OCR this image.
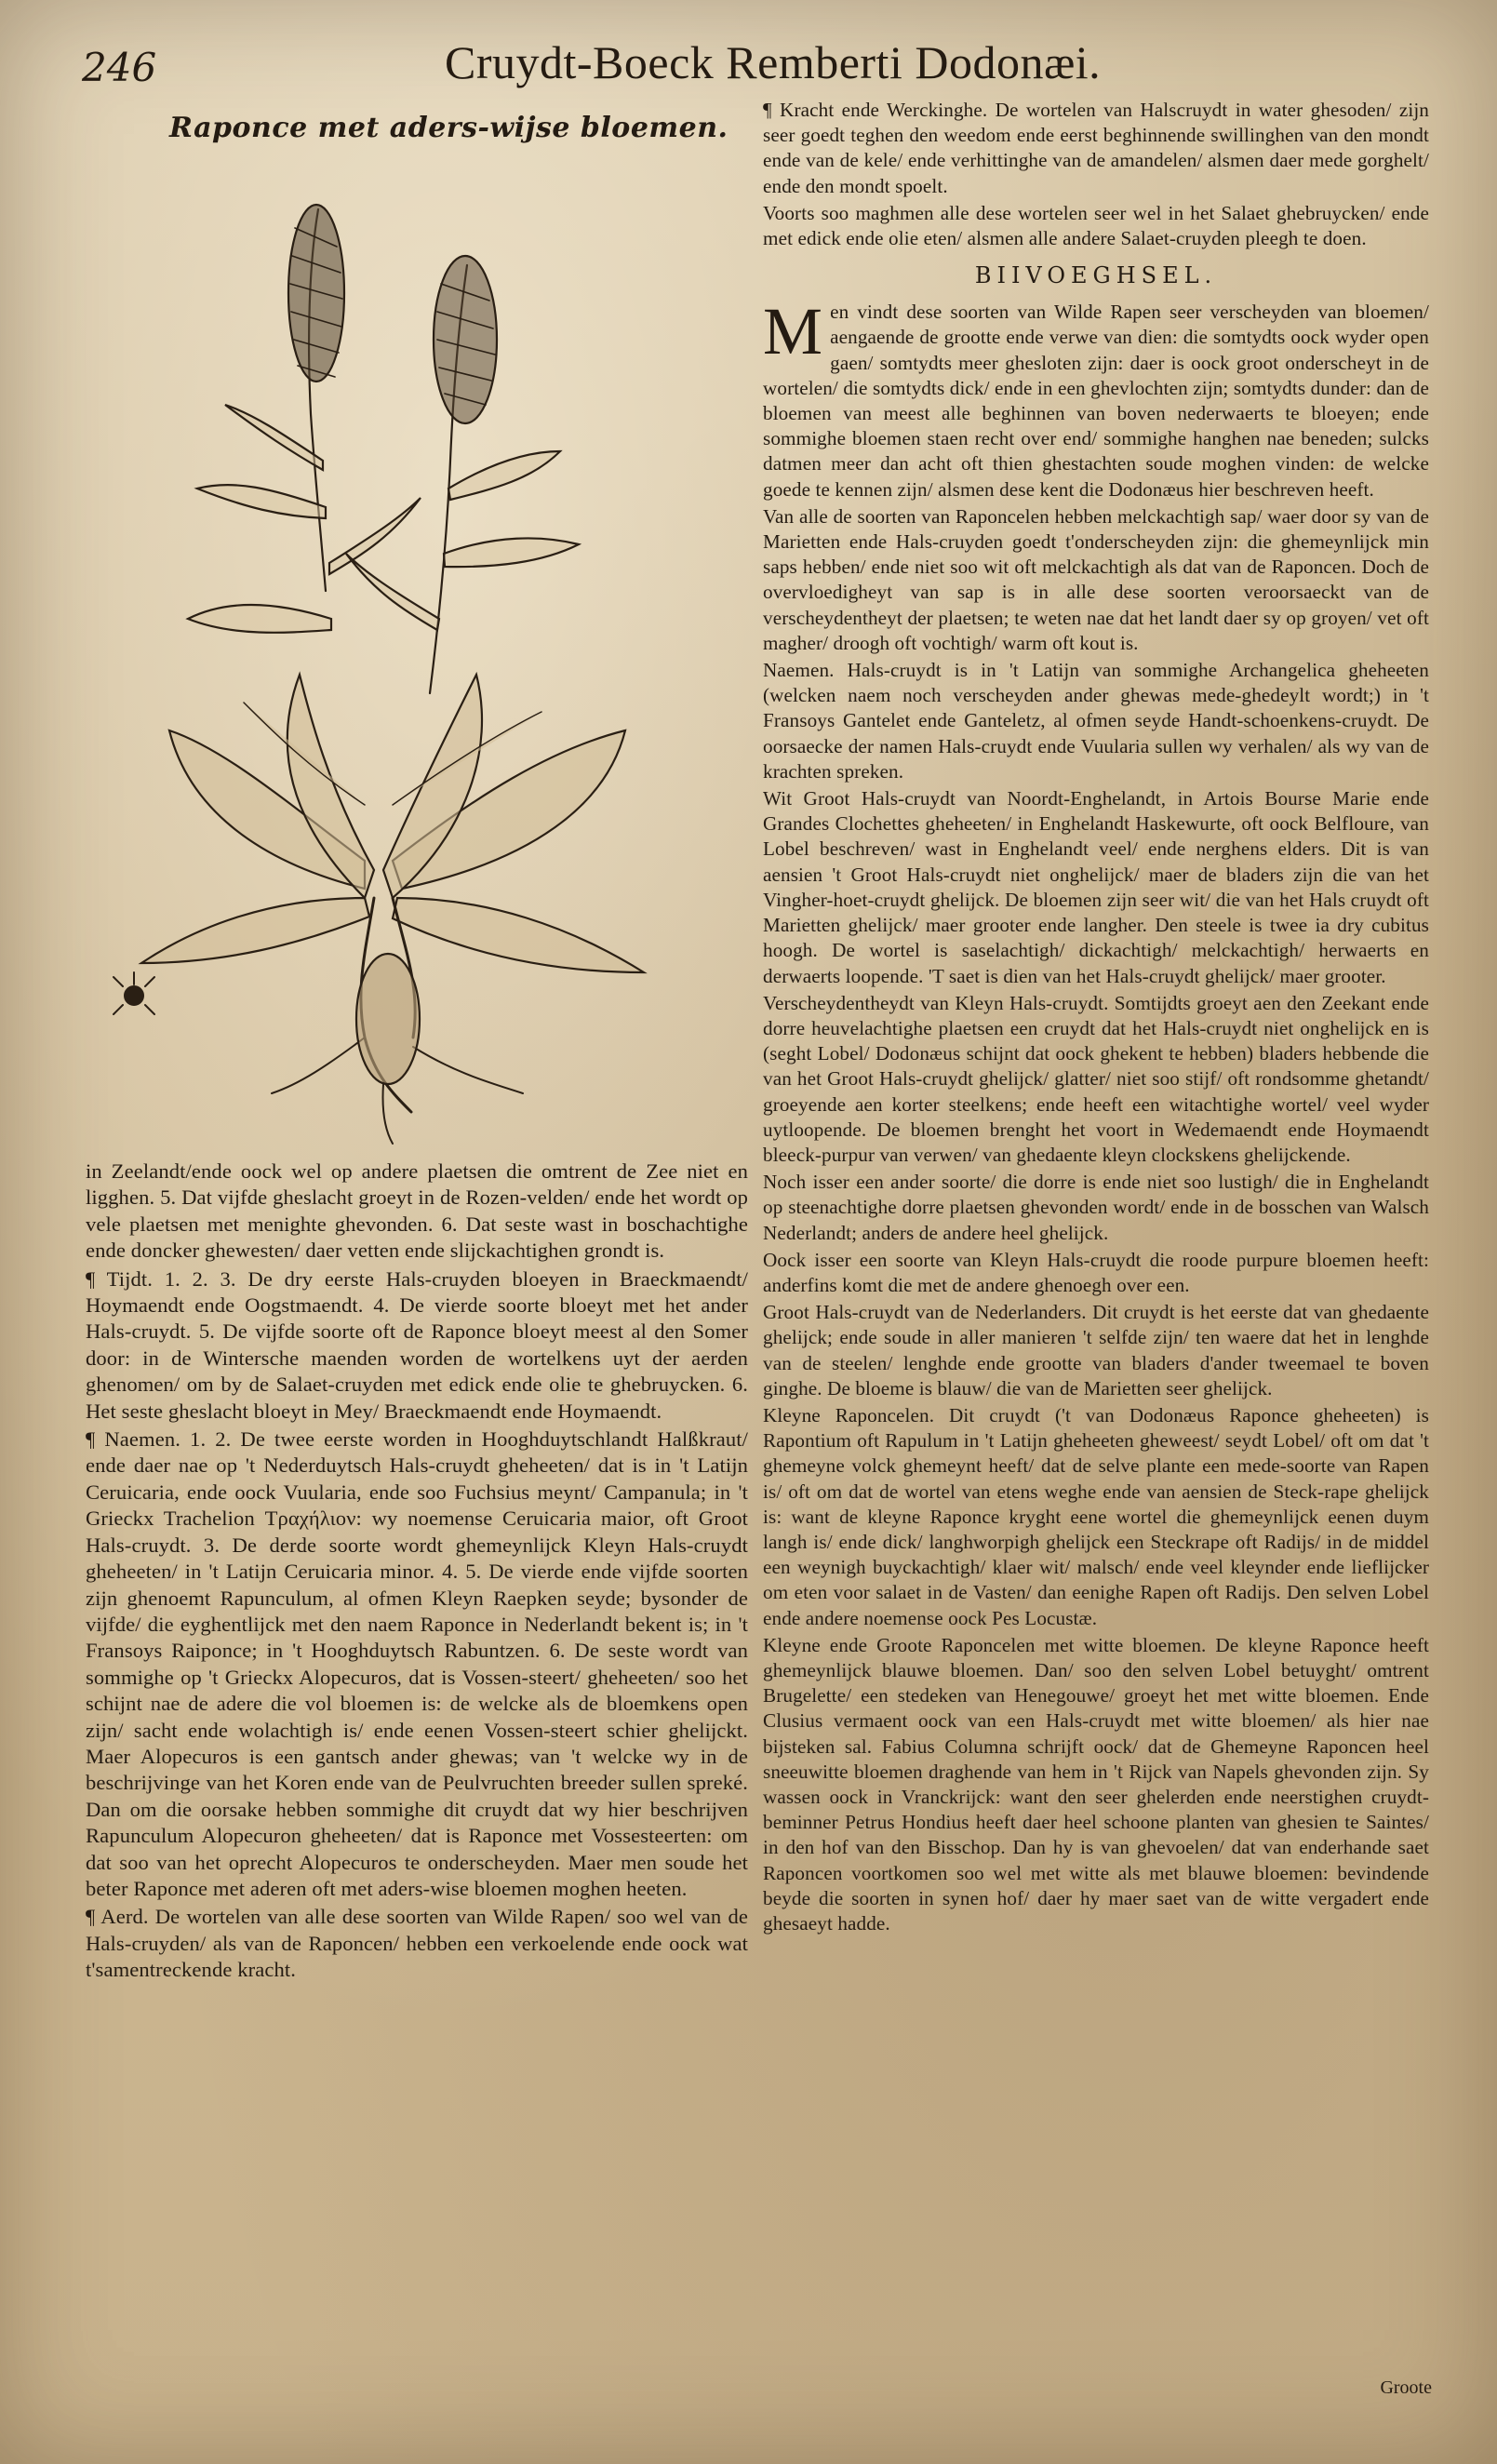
246	Cruydt-Boeck Remberti Dodonæi.
Raponce met aders-wijse bloemen.

in Zeelandt/ende oock wel op andere plaetsen die omtrent de Zee niet en ligghen. 5. Dat vijfde gheslacht groeyt in de Rozen-velden/ ende het wordt op vele plaetsen met menighte ghevonden. 6. Dat seste wast in boschachtighe ende doncker ghewesten/ daer vetten ende slijckachtighen grondt is.

¶ Tijdt. 1. 2. 3. De dry eerste Hals-cruyden bloeyen in Braeckmaendt/ Hoymaendt ende Oogstmaendt. 4. De vierde soorte bloeyt met het ander Hals-cruydt. 5. De vijfde soorte oft de Raponce bloeyt meest al den Somer door: in de Wintersche maenden worden de wortelkens uyt der aerden ghenomen/ om by de Salaet-cruyden met edick ende olie te ghebruycken. 6. Het seste gheslacht bloeyt in Mey/ Braeckmaendt ende Hoymaendt.

¶ Naemen. 1. 2. De twee eerste worden in Hooghduytschlandt Halßkraut/ ende daer nae op 't Nederduytsch Hals-cruydt gheheeten/ dat is in 't Latijn Ceruicaria, ende oock Vuularia, ende soo Fuchsius meynt/ Campanula; in 't Grieckx Trachelion Τραχήλιον: wy noemense Ceruicaria maior, oft Groot Hals-cruydt. 3. De derde soorte wordt ghemeynlijck Kleyn Hals-cruydt gheheeten/ in 't Latijn Ceruicaria minor. 4. 5. De vierde ende vijfde soorten zijn ghenoemt Rapunculum, al ofmen Kleyn Raepken seyde; bysonder de vijfde/ die eyghentlijck met den naem Raponce in Nederlandt bekent is; in 't Fransoys Raiponce; in 't Hooghduytsch Rabuntzen. 6. De seste wordt van sommighe op 't Grieckx Alopecuros, dat is Vossen-steert/ gheheeten/ soo het schijnt nae de adere die vol bloemen is: de welcke als de bloemkens open zijn/ sacht ende wolachtigh is/ ende eenen Vossen-steert schier ghelijckt. Maer Alopecuros is een gantsch ander ghewas; van 't welcke wy in de beschrijvinge van het Koren ende van de Peulvruchten breeder sullen spreké. Dan om die oorsake hebben sommighe dit cruydt dat wy hier beschrijven Rapunculum Alopecuron gheheeten/ dat is Raponce met Vossesteerten: om dat soo van het oprecht Alopecuros te onderscheyden. Maer men soude het beter Raponce met aderen oft met aders-wise bloemen moghen heeten.

¶ Aerd. De wortelen van alle dese soorten van Wilde Rapen/ soo wel van de Hals-cruyden/ als van de Raponcen/ hebben een verkoelende ende oock wat t'samentreckende kracht.

¶ Kracht ende Werckinghe. De wortelen van Halscruydt in water ghesoden/ zijn seer goedt teghen den weedom ende eerst beghinnende swillinghen van den mondt ende van de kele/ ende verhittinghe van de amandelen/ alsmen daer mede gorghelt/ ende den mondt spoelt.

Voorts soo maghmen alle dese wortelen seer wel in het Salaet ghebruycken/ ende met edick ende olie eten/ alsmen alle andere Salaet-cruyden pleegh te doen.

BIIVOEGHSEL.
M en vindt dese soorten van Wilde Rapen seer verscheyden van bloemen/ aengaende de grootte ende verwe van dien: die somtydts oock wyder open gaen/ somtydts meer ghesloten zijn: daer is oock groot onderscheyt in de wortelen/ die somtydts dick/ ende in een ghevlochten zijn; somtydts dunder: dan de bloemen van meest alle beghinnen van boven nederwaerts te bloeyen; ende sommighe bloemen staen recht over end/ sommighe hanghen nae beneden; sulcks datmen meer dan acht oft thien ghestachten soude moghen vinden: de welcke goede te kennen zijn/ alsmen dese kent die Dodonæus hier beschreven heeft.

Van alle de soorten van Raponcelen hebben melckachtigh sap/ waer door sy van de Marietten ende Hals-cruyden goedt t'onderscheyden zijn: die ghemeynlijck min saps hebben/ ende niet soo wit oft melckachtigh als dat van de Raponcen. Doch de overvloedigheyt van sap is in alle dese soorten veroorsaeckt van de verscheydentheyt der plaetsen; te weten nae dat het landt daer sy op groyen/ vet oft magher/ droogh oft vochtigh/ warm oft kout is.

Naemen. Hals-cruydt is in 't Latijn van sommighe Archangelica gheheeten (welcken naem noch verscheyden ander ghewas mede-ghedeylt wordt;) in 't Fransoys Gantelet ende Ganteletz, al ofmen seyde Handt-schoenkens-cruydt. De oorsaecke der namen Hals-cruydt ende Vuularia sullen wy verhalen/ als wy van de krachten spreken.

Wit Groot Hals-cruydt van Noordt-Enghelandt, in Artois Bourse Marie ende Grandes Clochettes gheheeten/ in Enghelandt Haskewurte, oft oock Belfloure, van Lobel beschreven/ wast in Enghelandt veel/ ende nerghens elders. Dit is van aensien 't Groot Hals-cruydt niet onghelijck/ maer de bladers zijn die van het Vingher-hoet-cruydt ghelijck. De bloemen zijn seer wit/ die van het Hals cruydt oft Marietten ghelijck/ maer grooter ende langher. Den steele is twee ia dry cubitus hoogh. De wortel is saselachtigh/ dickachtigh/ melckachtigh/ herwaerts en derwaerts loopende. 'T saet is dien van het Hals-cruydt ghelijck/ maer grooter.

Verscheydentheydt van Kleyn Hals-cruydt. Somtijdts groeyt aen den Zeekant ende dorre heuvelachtighe plaetsen een cruydt dat het Hals-cruydt niet onghelijck en is (seght Lobel/ Dodonæus schijnt dat oock ghekent te hebben) bladers hebbende die van het Groot Hals-cruydt ghelijck/ glatter/ niet soo stijf/ oft rondsomme ghetandt/ groeyende aen korter steelkens; ende heeft een witachtighe wortel/ veel wyder uytloopende. De bloemen brenght het voort in Wedemaendt ende Hoymaendt bleeck-purpur van verwen/ van ghedaente kleyn clockskens ghelijckende.

Noch isser een ander soorte/ die dorre is ende niet soo lustigh/ die in Enghelandt op steenachtighe dorre plaetsen ghevonden wordt/ ende in de bosschen van Walsch Nederlandt; anders de andere heel ghelijck.

Oock isser een soorte van Kleyn Hals-cruydt die roode purpure bloemen heeft: anderfins komt die met de andere ghenoegh over een.

Groot Hals-cruydt van de Nederlanders. Dit cruydt is het eerste dat van ghedaente ghelijck; ende soude in aller manieren 't selfde zijn/ ten waere dat het in lenghde van de steelen/ lenghde ende grootte van bladers d'ander tweemael te boven ginghe. De bloeme is blauw/ die van de Marietten seer ghelijck.

Kleyne Raponcelen. Dit cruydt ('t van Dodonæus Raponce gheheeten) is Rapontium oft Rapulum in 't Latijn gheheeten gheweest/ seydt Lobel/ oft om dat 't ghemeyne volck ghemeynt heeft/ dat de selve plante een mede-soorte van Rapen is/ oft om dat de wortel van etens weghe ende van aensien de Steck-rape ghelijck is: want de kleyne Raponce kryght eene wortel die ghemeynlijck eenen duym langh is/ ende dick/ langhworpigh ghelijck een Steckrape oft Radijs/ in de middel een weynigh buyckachtigh/ klaer wit/ malsch/ ende veel kleynder ende lieflijcker om eten voor salaet in de Vasten/ dan eenighe Rapen oft Radijs. Den selven Lobel ende andere noemense oock Pes Locustæ.

Kleyne ende Groote Raponcelen met witte bloemen. De kleyne Raponce heeft ghemeynlijck blauwe bloemen. Dan/ soo den selven Lobel betuyght/ omtrent Brugelette/ een stedeken van Henegouwe/ groeyt het met witte bloemen. Ende Clusius vermaent oock van een Hals-cruydt met witte bloemen/ als hier nae bijsteken sal. Fabius Columna schrijft oock/ dat de Ghemeyne Raponcen heel sneeuwitte bloemen draghende van hem in 't Rijck van Napels ghevonden zijn. Sy wassen oock in Vranckrijck: want den seer ghelerden ende neerstighen cruydt-beminner Petrus Hondius heeft daer heel schoone planten van ghesien te Saintes/ in den hof van den Bisschop. Dan hy is van ghevoelen/ dat van enderhande saet Raponcen voortkomen soo wel met witte als met blauwe bloemen: bevindende beyde die soorten in synen hof/ daer hy maer saet van de witte vergadert ende ghesaeyt hadde.

Groote
